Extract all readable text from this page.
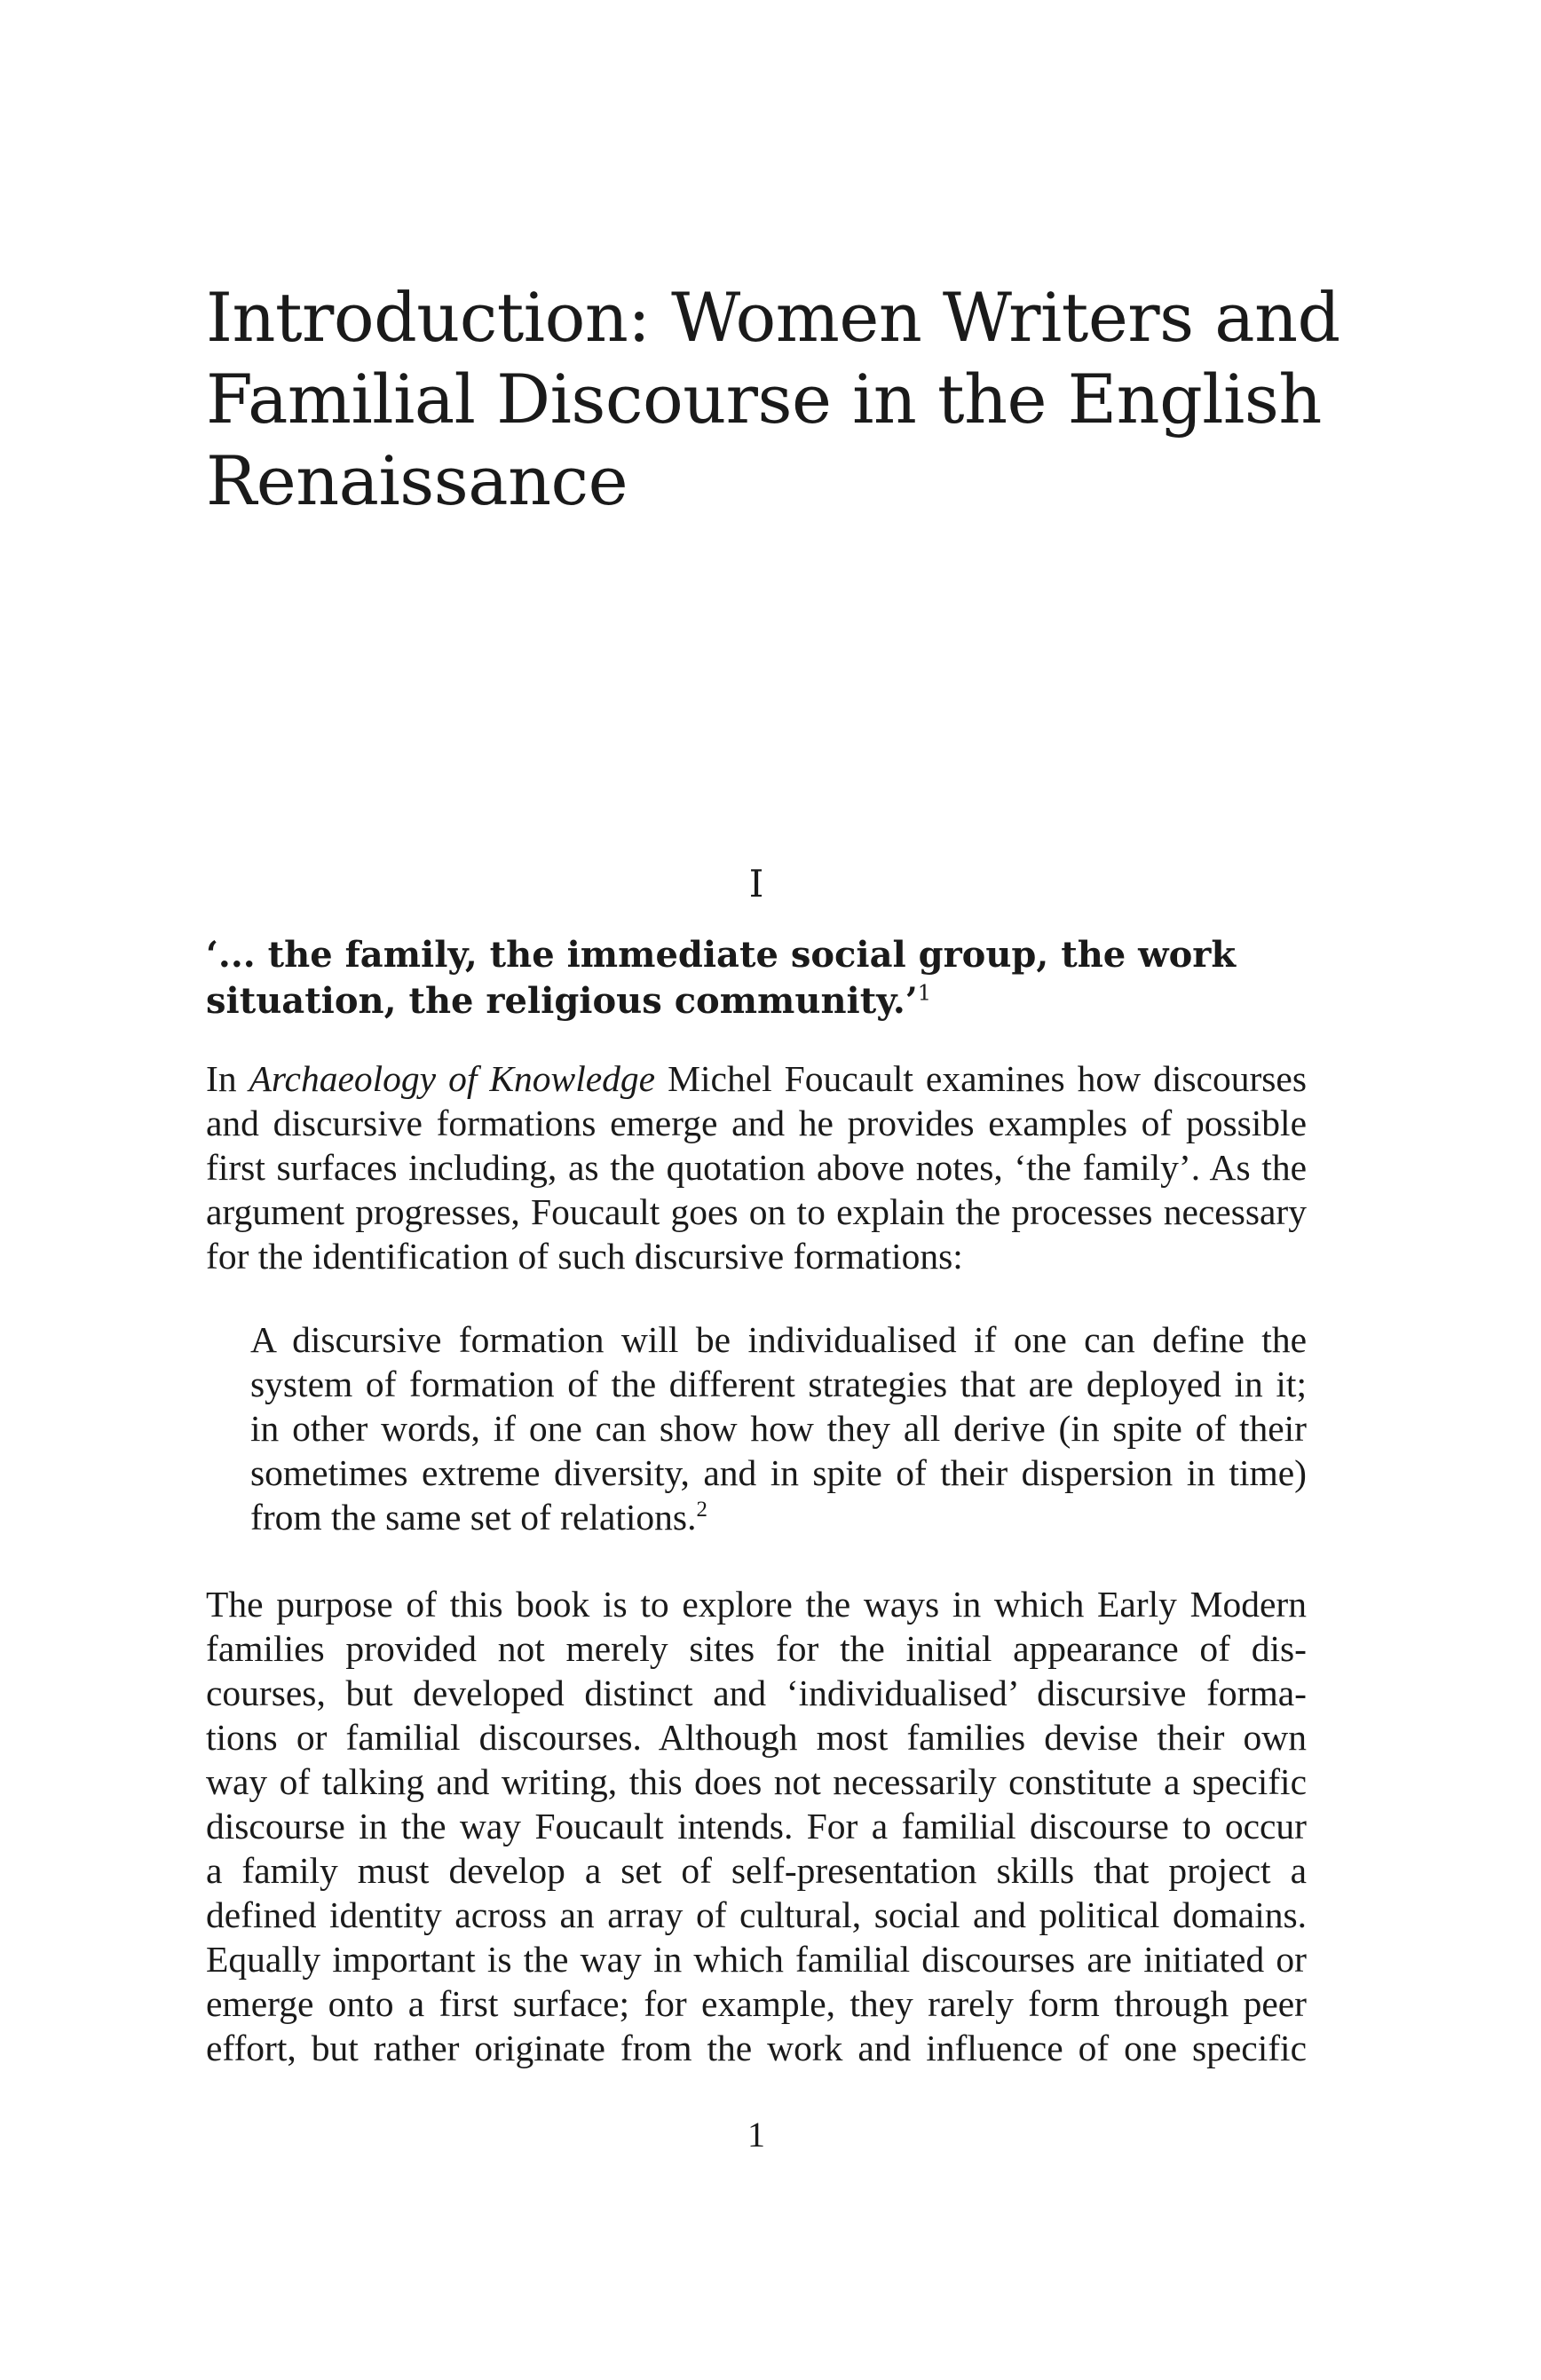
Introduction: Women Writers and
Familial Discourse in the English
Renaissance

I

‘... the family, the immediate social group, the work
situation, the religious community.’$^1$

In Archaeology of Knowledge Michel Foucault examines how discourses
and discursive formations emerge and he provides examples of possible
first surfaces including, as the quotation above notes, ‘the family’. As the
argument progresses, Foucault goes on to explain the processes necessary
for the identification of such discursive formations:
A discursive formation will be individualised if one can define the
system of formation of the different strategies that are deployed in it;
in other words, if one can show how they all derive (in spite of their
sometimes extreme diversity, and in spite of their dispersion in time)
from the same set of relations.$^2$
The purpose of this book is to explore the ways in which Early Modern
families provided not merely sites for the initial appearance of dis-
courses, but developed distinct and ‘individualised’ discursive forma-
tions or familial discourses. Although most families devise their own
way of talking and writing, this does not necessarily constitute a specific
discourse in the way Foucault intends. For a familial discourse to occur
a family must develop a set of self-presentation skills that project a
defined identity across an array of cultural, social and political domains.
Equally important is the way in which familial discourses are initiated or
emerge onto a first surface; for example, they rarely form through peer
effort, but rather originate from the work and influence of one specific

1
